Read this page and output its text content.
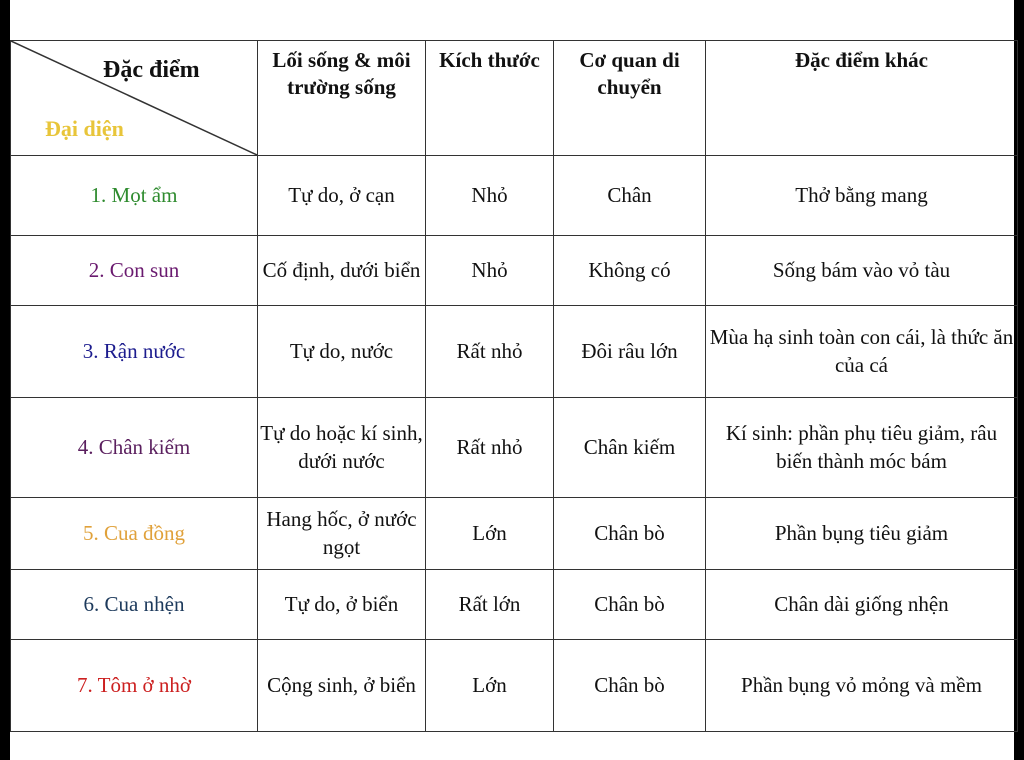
Đặc điểm
Đại diện	Lối sống & môi trường sống	Kích thước	Cơ quan di chuyển	Đặc điểm khác
1. Mọt ẩm	Tự do, ở cạn	Nhỏ	Chân	Thở bằng mang
2. Con sun	Cố định, dưới biển	Nhỏ	Không có	Sống bám vào vỏ tàu
3. Rận nước	Tự do, nước	Rất nhỏ	Đôi râu lớn	Mùa hạ sinh toàn con cái, là thức ăn của cá
4. Chân kiếm	Tự do hoặc kí sinh, dưới nước	Rất nhỏ	Chân kiếm	Kí sinh: phần phụ tiêu giảm, râu biến thành móc bám
5. Cua đồng	Hang hốc, ở nước ngọt	Lớn	Chân bò	Phần bụng tiêu giảm
6. Cua nhện	Tự do, ở biển	Rất lớn	Chân bò	Chân dài giống nhện
7. Tôm ở nhờ	Cộng sinh, ở biển	Lớn	Chân bò	Phần bụng vỏ mỏng và mềm
